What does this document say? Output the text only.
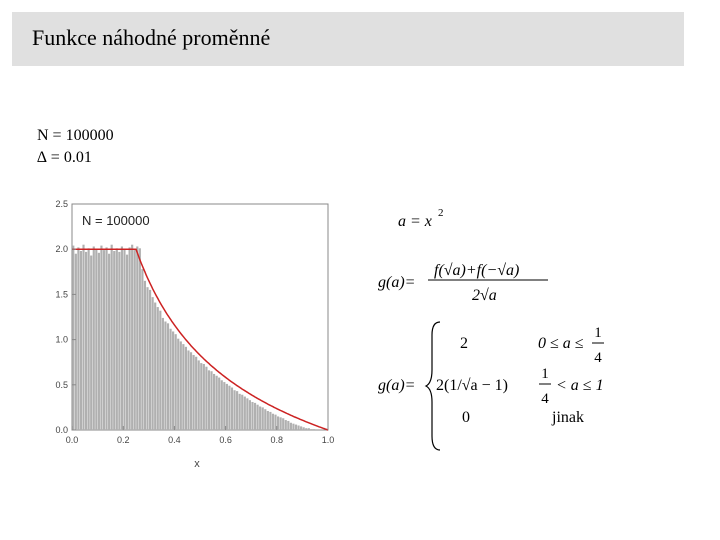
Funkce náhodné proměnné
N = 100000
∆ = 0.01
0.0	0.2	0.4	0.6	0.8	1.0
0.0
0.5
1.0
1.5
2.0
2.5
N = 100000
x
a = x 2
g(a)=
f(√a)+f(−√a)
2√a
g(a)=
2	0 ≤ a ≤
1
4
2(1/√a − 1)
1
4
< a ≤ 1
0	jinak
